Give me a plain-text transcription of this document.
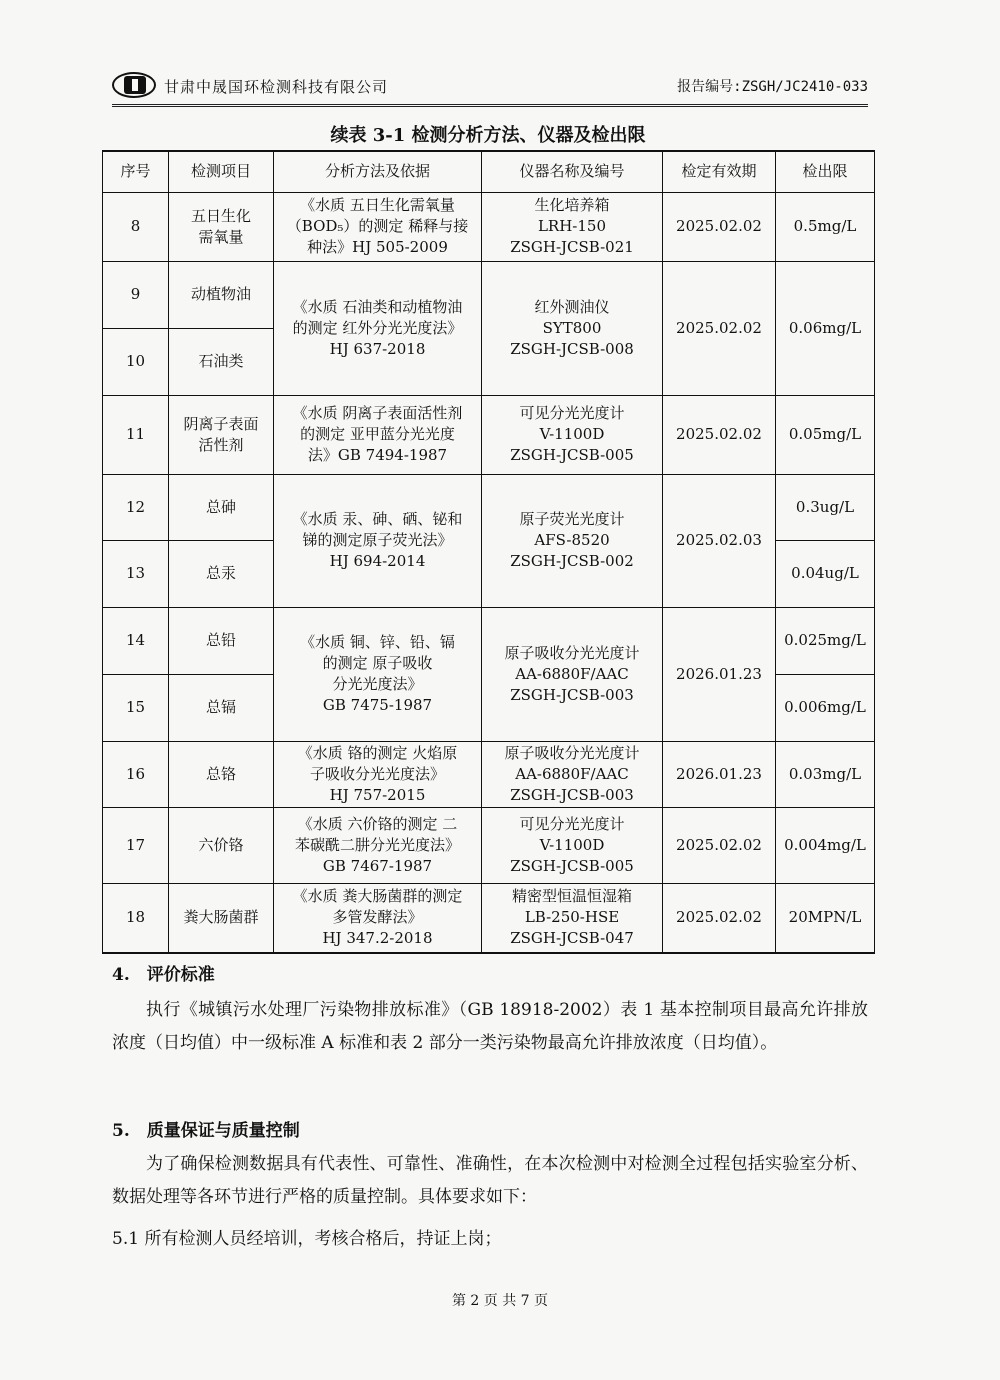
甘肃中晟国环检测科技有限公司	报告编号:ZSGH/JC2410-033
续表 3-1 检测分析方法、仪器及检出限
序号	检测项目	分析方法及依据	仪器名称及编号	检定有效期	检出限
8	五日生化
需氧量	《水质 五日生化需氧量
（BOD₅）的测定 稀释与接
种法》HJ 505-2009	生化培养箱
LRH-150
ZSGH-JCSB-021	2025.02.02	0.5mg/L
9	动植物油	《水质 石油类和动植物油
的测定 红外分光光度法》
HJ 637-2018	红外测油仪
SYT800
ZSGH-JCSB-008	2025.02.02	0.06mg/L
10	石油类				
11	阴离子表面
活性剂	《水质 阴离子表面活性剂
的测定 亚甲蓝分光光度
法》GB 7494-1987	可见分光光度计
V-1100D
ZSGH-JCSB-005	2025.02.02	0.05mg/L
12	总砷	《水质 汞、砷、硒、铋和
锑的测定原子荧光法》
HJ 694-2014	原子荧光光度计
AFS-8520
ZSGH-JCSB-002	2025.02.03	0.3ug/L
13	总汞				0.04ug/L
14	总铅	《水质 铜、锌、铅、镉
的测定 原子吸收
分光光度法》
GB 7475-1987	原子吸收分光光度计
AA-6880F/AAC
ZSGH-JCSB-003	2026.01.23	0.025mg/L
15	总镉				0.006mg/L
16	总铬	《水质 铬的测定 火焰原
子吸收分光光度法》
HJ 757-2015	原子吸收分光光度计
AA-6880F/AAC
ZSGH-JCSB-003	2026.01.23	0.03mg/L
17	六价铬	《水质 六价铬的测定 二
苯碳酰二肼分光光度法》
GB 7467-1987	可见分光光度计
V-1100D
ZSGH-JCSB-005	2025.02.02	0.004mg/L
18	粪大肠菌群	《水质 粪大肠菌群的测定
多管发酵法》
HJ 347.2-2018	精密型恒温恒湿箱
LB-250-HSE
ZSGH-JCSB-047	2025.02.02	20MPN/L
4.　评价标准
执行《城镇污水处理厂污染物排放标准》（GB 18918-2002）表 1 基本控制项目最高允许排放浓度（日均值）中一级标准 A 标准和表 2 部分一类污染物最高允许排放浓度（日均值）。
5.　质量保证与质量控制
为了确保检测数据具有代表性、可靠性、准确性，在本次检测中对检测全过程包括实验室分析、数据处理等各环节进行严格的质量控制。具体要求如下：
5.1 所有检测人员经培训，考核合格后，持证上岗；
第 2 页 共 7 页
